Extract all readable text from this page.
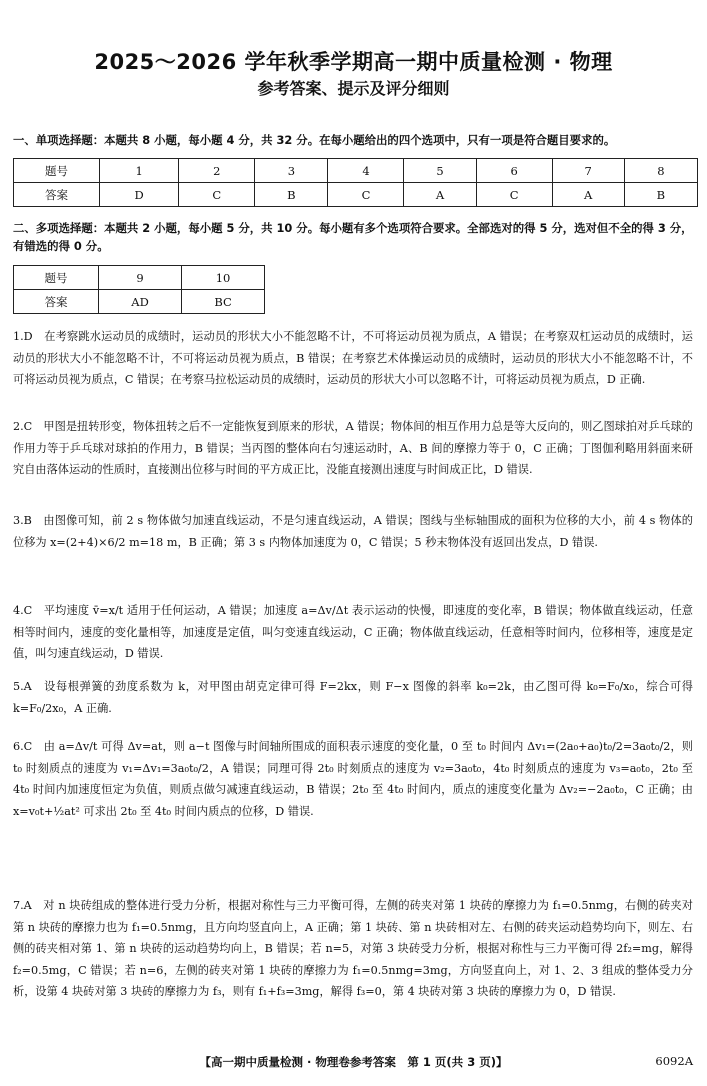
2025～2026 学年秋季学期高一期中质量检测 · 物理
参考答案、提示及评分细则
一、单项选择题：本题共 8 小题，每小题 4 分，共 32 分。在每小题给出的四个选项中，只有一项是符合题目要求的。
题号	1	2	3	4	5	6	7	8
答案	D	C	B	C	A	C	A	B
二、多项选择题：本题共 2 小题，每小题 5 分，共 10 分。每小题有多个选项符合要求。全部选对的得 5 分，选对但不全的得 3 分，有错选的得 0 分。
题号	9	10
答案	AD	BC
1.D　在考察跳水运动员的成绩时，运动员的形状大小不能忽略不计，不可将运动员视为质点，A 错误；在考察双杠运动员的成绩时，运动员的形状大小不能忽略不计，不可将运动员视为质点，B 错误；在考察艺术体操运动员的成绩时，运动员的形状大小不能忽略不计，不可将运动员视为质点，C 错误；在考察马拉松运动员的成绩时，运动员的形状大小可以忽略不计，可将运动员视为质点，D 正确.
2.C　甲图是扭转形变，物体扭转之后不一定能恢复到原来的形状，A 错误；物体间的相互作用力总是等大反向的，则乙图球拍对乒乓球的作用力等于乒乓球对球拍的作用力，B 错误；当丙图的整体向右匀速运动时，A、B 间的摩擦力等于 0，C 正确；丁图伽利略用斜面来研究自由落体运动的性质时，直接测出位移与时间的平方成正比，没能直接测出速度与时间成正比，D 错误.
3.B　由图像可知，前 2 s 物体做匀加速直线运动，不是匀速直线运动，A 错误；图线与坐标轴围成的面积为位移的大小，前 4 s 物体的位移为 x=(2+4)×6/2 m=18 m，B 正确；第 3 s 内物体加速度为 0，C 错误；5 秒末物体没有返回出发点，D 错误.
4.C　平均速度 v̄=x/t 适用于任何运动，A 错误；加速度 a=Δv/Δt 表示运动的快慢，即速度的变化率，B 错误；物体做直线运动，任意相等时间内，速度的变化量相等，加速度是定值，叫匀变速直线运动，C 正确；物体做直线运动，任意相等时间内，位移相等，速度是定值，叫匀速直线运动，D 错误.
5.A　设每根弹簧的劲度系数为 k，对甲图由胡克定律可得 F=2kx，则 F−x 图像的斜率 k₀=2k，由乙图可得 k₀=F₀/x₀，综合可得 k=F₀/2x₀，A 正确.
6.C　由 a=Δv/t 可得 Δv=at，则 a−t 图像与时间轴所围成的面积表示速度的变化量，0 至 t₀ 时间内 Δv₁=(2a₀+a₀)t₀/2=3a₀t₀/2，则 t₀ 时刻质点的速度为 v₁=Δv₁=3a₀t₀/2，A 错误；同理可得 2t₀ 时刻质点的速度为 v₂=3a₀t₀，4t₀ 时刻质点的速度为 v₃=a₀t₀，2t₀ 至 4t₀ 时间内加速度恒定为负值，则质点做匀减速直线运动，B 错误；2t₀ 至 4t₀ 时间内，质点的速度变化量为 Δv₂=−2a₀t₀，C 正确；由 x=v₀t+½at² 可求出 2t₀ 至 4t₀ 时间内质点的位移，D 错误.
7.A　对 n 块砖组成的整体进行受力分析，根据对称性与三力平衡可得，左侧的砖夹对第 1 块砖的摩擦力为 f₁=0.5nmg，右侧的砖夹对第 n 块砖的摩擦力也为 f₁=0.5nmg，且方向均竖直向上，A 正确；第 1 块砖、第 n 块砖相对左、右侧的砖夹运动趋势均向下，则左、右侧的砖夹相对第 1、第 n 块砖的运动趋势均向上，B 错误；若 n=5，对第 3 块砖受力分析，根据对称性与三力平衡可得 2f₂=mg，解得 f₂=0.5mg，C 错误；若 n=6，左侧的砖夹对第 1 块砖的摩擦力为 f₁=0.5nmg=3mg，方向竖直向上，对 1、2、3 组成的整体受力分析，设第 4 块砖对第 3 块砖的摩擦力为 f₃，则有 f₁+f₃=3mg，解得 f₃=0，第 4 块砖对第 3 块砖的摩擦力为 0，D 错误.
【高一期中质量检测 · 物理卷参考答案　第 1 页(共 3 页)】	6092A
